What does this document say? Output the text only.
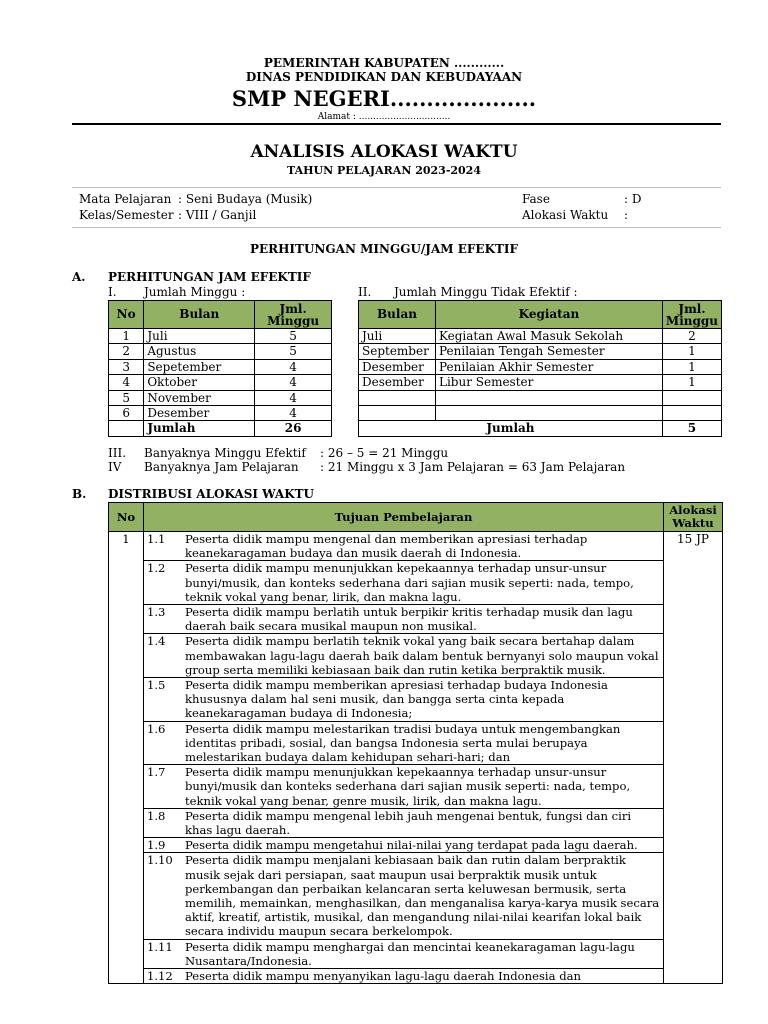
PEMERINTAH KABUPATEN ............
DINAS PENDIDIKAN DAN KEBUDAYAAN
SMP NEGERI....................
Alamat : ................................
ANALISIS ALOKASI WAKTU
TAHUN PELAJARAN 2023-2024
Mata Pelajaran : Seni Budaya (Musik)
Kelas/Semester : VIII / Ganjil
Fase	: D
Alokasi Waktu :
PERHITUNGAN MINGGU/JAM EFEKTIF
A. PERHITUNGAN JAM EFEKTIF
I. Jumlah Minggu :	II. Jumlah Minggu Tidak Efektif :
No	Bulan	Jml. Minggu
1	Juli	5
2	Agustus	5
3	Sepetember	4
4	Oktober	4
5	November	4
6	Desember	4
	Jumlah	26
Bulan	Kegiatan	Jml. Minggu
Juli	Kegiatan Awal Masuk Sekolah	2
September	Penilaian Tengah Semester	1
Desember	Penilaian Akhir Semester	1
Desember	Libur Semester	1

Jumlah		5
III. Banyaknya Minggu Efektif : 26 – 5 = 21 Minggu
IV Banyaknya Jam Pelajaran : 21 Minggu x 3 Jam Pelajaran = 63 Jam Pelajaran
B. DISTRIBUSI ALOKASI WAKTU
No	Tujuan Pembelajaran	Alokasi Waktu
1	1.1 Peserta didik mampu mengenal dan memberikan apresiasi terhadap keanekaragaman budaya dan musik daerah di Indonesia.	15 JP

	1.2 Peserta didik mampu menunjukkan kepekaannya terhadap unsur-unsur bunyi/musik, dan konteks sederhana dari sajian musik seperti: nada, tempo, teknik vokal yang benar, lirik, dan makna lagu.	

	1.3 Peserta didik mampu berlatih untuk berpikir kritis terhadap musik dan lagu daerah baik secara musikal maupun non musikal.	

	1.4 Peserta didik mampu berlatih teknik vokal yang baik secara bertahap dalam membawakan lagu-lagu daerah baik dalam bentuk bernyanyi solo maupun vokal group serta memiliki kebiasaan baik dan rutin ketika berpraktik musik.	

	1.5 Peserta didik mampu memberikan apresiasi terhadap budaya Indonesia khususnya dalam hal seni musik, dan bangga serta cinta kepada keanekaragaman budaya di Indonesia;	

	1.6 Peserta didik mampu melestarikan tradisi budaya untuk mengembangkan identitas pribadi, sosial, dan bangsa Indonesia serta mulai berupaya melestarikan budaya dalam kehidupan sehari-hari; dan	

	1.7 Peserta didik mampu menunjukkan kepekaannya terhadap unsur-unsur bunyi/musik dan konteks sederhana dari sajian musik seperti: nada, tempo, teknik vokal yang benar, genre musik, lirik, dan makna lagu.	

	1.8 Peserta didik mampu mengenal lebih jauh mengenai bentuk, fungsi dan ciri khas lagu daerah.	

	1.9 Peserta didik mampu mengetahui nilai-nilai yang terdapat pada lagu daerah.	

	1.10 Peserta didik mampu menjalani kebiasaan baik dan rutin dalam berpraktik musik sejak dari persiapan, saat maupun usai berpraktik musik untuk perkembangan dan perbaikan kelancaran serta keluwesan bermusik, serta memilih, memainkan, menghasilkan, dan menganalisa karya-karya musik secara aktif, kreatif, artistik, musikal, dan mengandung nilai-nilai kearifan lokal baik secara individu maupun secara berkelompok.	

	1.11 Peserta didik mampu menghargai dan mencintai keanekaragaman lagu-lagu Nusantara/Indonesia.	

	1.12 Peserta didik mampu menyanyikan lagu-lagu daerah Indonesia dan	
